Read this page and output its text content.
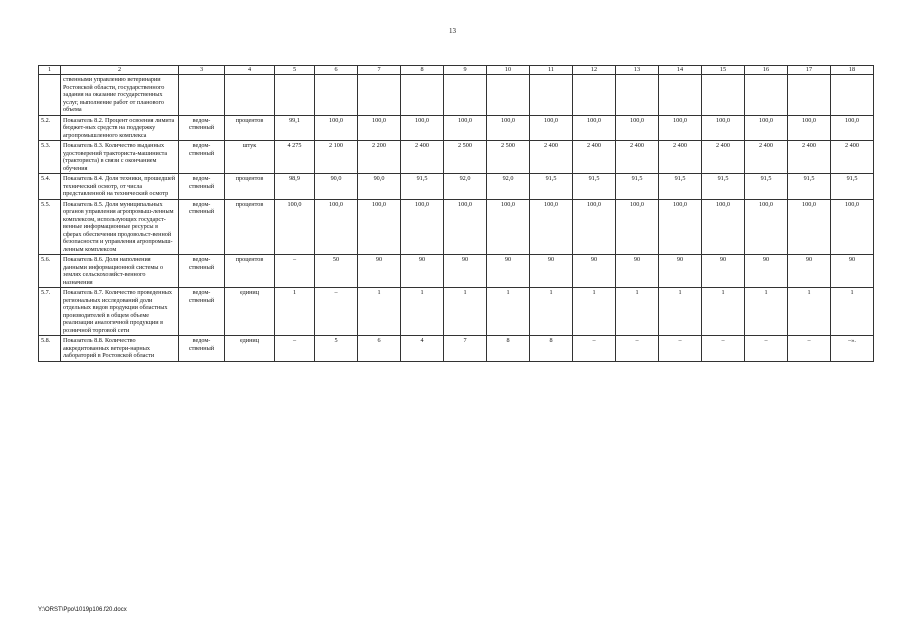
13
1	2	3	4	5	6	7	8	9	10	11	12	13	14	15	16	17	18
	ственными управлению ветеринарии Ростовской области, государственного задания на оказание государственных услуг, выполнение работ от планового объема																
5.2.	Показатель 8.2. Процент освоения лимита бюджет-ных средств на поддержку агропромышленного комплекса	ведом-ственный	процентов	99,1	100,0	100,0	100,0	100,0	100,0	100,0	100,0	100,0	100,0	100,0	100,0	100,0	100,0
5.3.	Показатель 8.3. Количество выданных удостоверений тракториста-машиниста (тракториста) в связи с окончанием обучения	ведом-ственный	штук	4 275	2 100	2 200	2 400	2 500	2 500	2 400	2 400	2 400	2 400	2 400	2 400	2 400	2 400
5.4.	Показатель 8.4. Доля техники, прошедшей технический осмотр, от числа представленной на технический осмотр	ведом-ственный	процентов	98,9	90,0	90,0	91,5	92,0	92,0	91,5	91,5	91,5	91,5	91,5	91,5	91,5	91,5
5.5.	Показатель 8.5. Доля муниципальных органов управления агропромыш-ленным комплексом, использующих государст-венные информационные ресурсы в сферах обеспечения продовольст-венной безопасности и управления агропромыш-ленным комплексом	ведом-ственный	процентов	100,0	100,0	100,0	100,0	100,0	100,0	100,0	100,0	100,0	100,0	100,0	100,0	100,0	100,0
5.6.	Показатель 8.6. Доля наполнения данными информационной системы о землях сельскохозяйст-венного назначения	ведом-ственный	процентов	–	50	90	90	90	90	90	90	90	90	90	90	90	90
5.7.	Показатель 8.7. Количество проведенных региональных исследований доли отдельных видов продукции областных производителей в общем объеме реализации аналогичной продукции в розничной торговой сети	ведом-ственный	единиц	1	–	1	1	1	1	1	1	1	1	1	1	1	1
5.8.	Показатель 8.8. Количество аккредитованных ветери-нарных лабораторий в Ростовской области	ведом-ственный	единиц	–	5	6	4	7	8	8	–	–	–	–	–	–	–».
Y:\ORST\Ppo\1019p106.f20.docx
